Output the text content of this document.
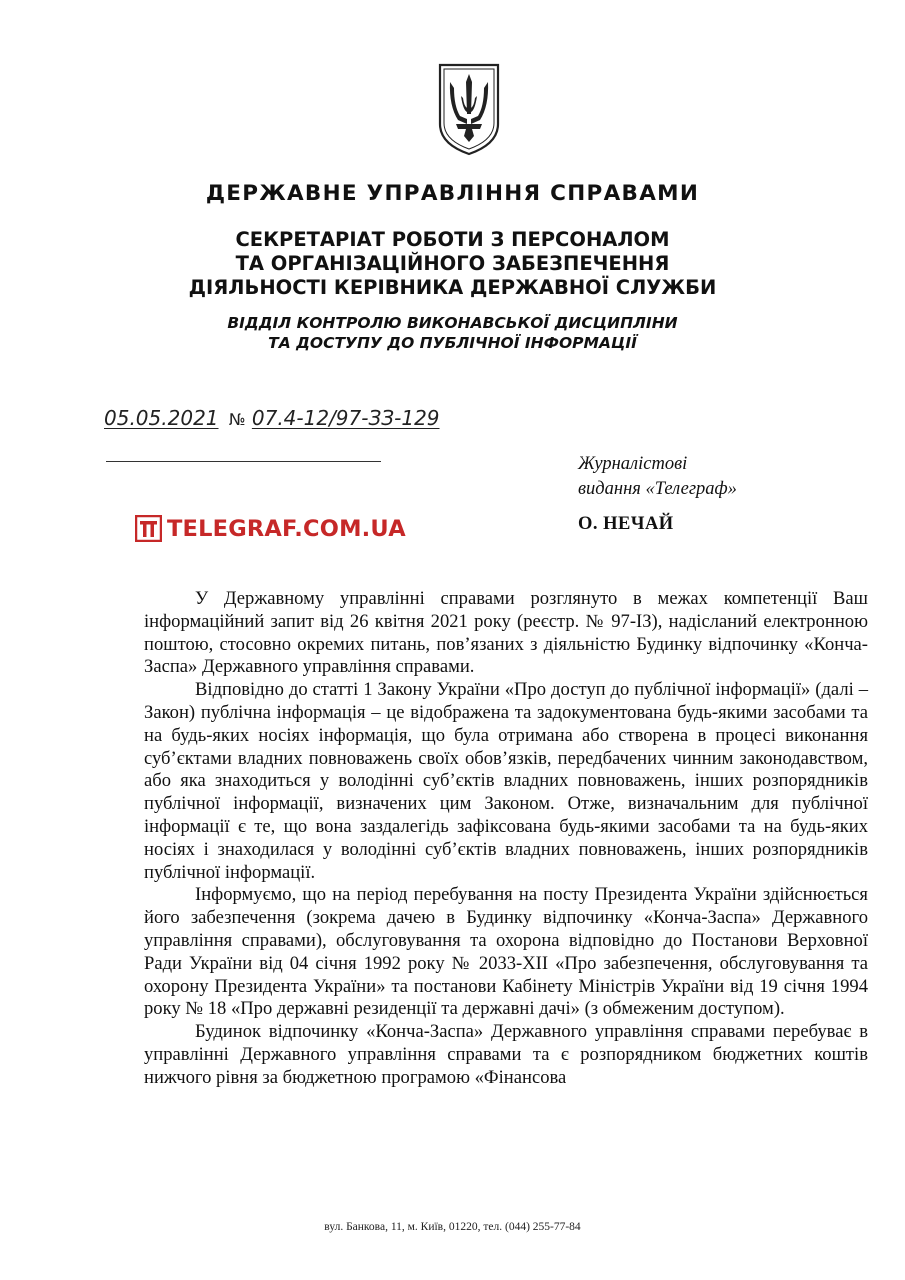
ДЕРЖАВНЕ УПРАВЛІННЯ СПРАВАМИ
СЕКРЕТАРІАТ РОБОТИ З ПЕРСОНАЛОМ
ТА ОРГАНІЗАЦІЙНОГО ЗАБЕЗПЕЧЕННЯ
ДІЯЛЬНОСТІ КЕРІВНИКА ДЕРЖАВНОЇ СЛУЖБИ
ВІДДІЛ КОНТРОЛЮ ВИКОНАВСЬКОЇ ДИСЦИПЛІНИ
ТА ДОСТУПУ ДО ПУБЛІЧНОЇ ІНФОРМАЦІЇ
05.05.2021 № 07.4-12/97-ЗЗ-129
Журналістові
видання «Телеграф»
О. НЕЧАЙ
TELEGRAF.COM.UA

У Державному управлінні справами розглянуто в межах компетенції Ваш інформаційний запит від 26 квітня 2021 року (реєстр. № 97-ІЗ), надісланий електронною поштою, стосовно окремих питань, пов’язаних з діяльністю Будинку відпочинку «Конча-Заспа» Державного управління справами.

Відповідно до статті 1 Закону України «Про доступ до публічної інформації» (далі – Закон) публічна інформація – це відображена та задокументована будь-якими засобами та на будь-яких носіях інформація, що була отримана або створена в процесі виконання суб’єктами владних повноважень своїх обов’язків, передбачених чинним законодавством, або яка знаходиться у володінні суб’єктів владних повноважень, інших розпорядників публічної інформації, визначених цим Законом. Отже, визначальним для публічної інформації є те, що вона заздалегідь зафіксована будь-якими засобами та на будь-яких носіях і знаходилася у володінні суб’єктів владних повноважень, інших розпорядників публічної інформації.

Інформуємо, що на період перебування на посту Президента України здійснюється його забезпечення (зокрема дачею в Будинку відпочинку «Конча-Заспа» Державного управління справами), обслуговування та охорона відповідно до Постанови Верховної Ради України від 04 січня 1992 року № 2033-ХІІ «Про забезпечення, обслуговування та охорону Президента України» та постанови Кабінету Міністрів України від 19 січня 1994 року № 18 «Про державні резиденції та державні дачі» (з обмеженим доступом).

Будинок відпочинку «Конча-Заспа» Державного управління справами перебуває в управлінні Державного управління справами та є розпорядником бюджетних коштів нижчого рівня за бюджетною програмою «Фінансова

вул. Банкова, 11, м. Київ, 01220, тел. (044) 255-77-84
